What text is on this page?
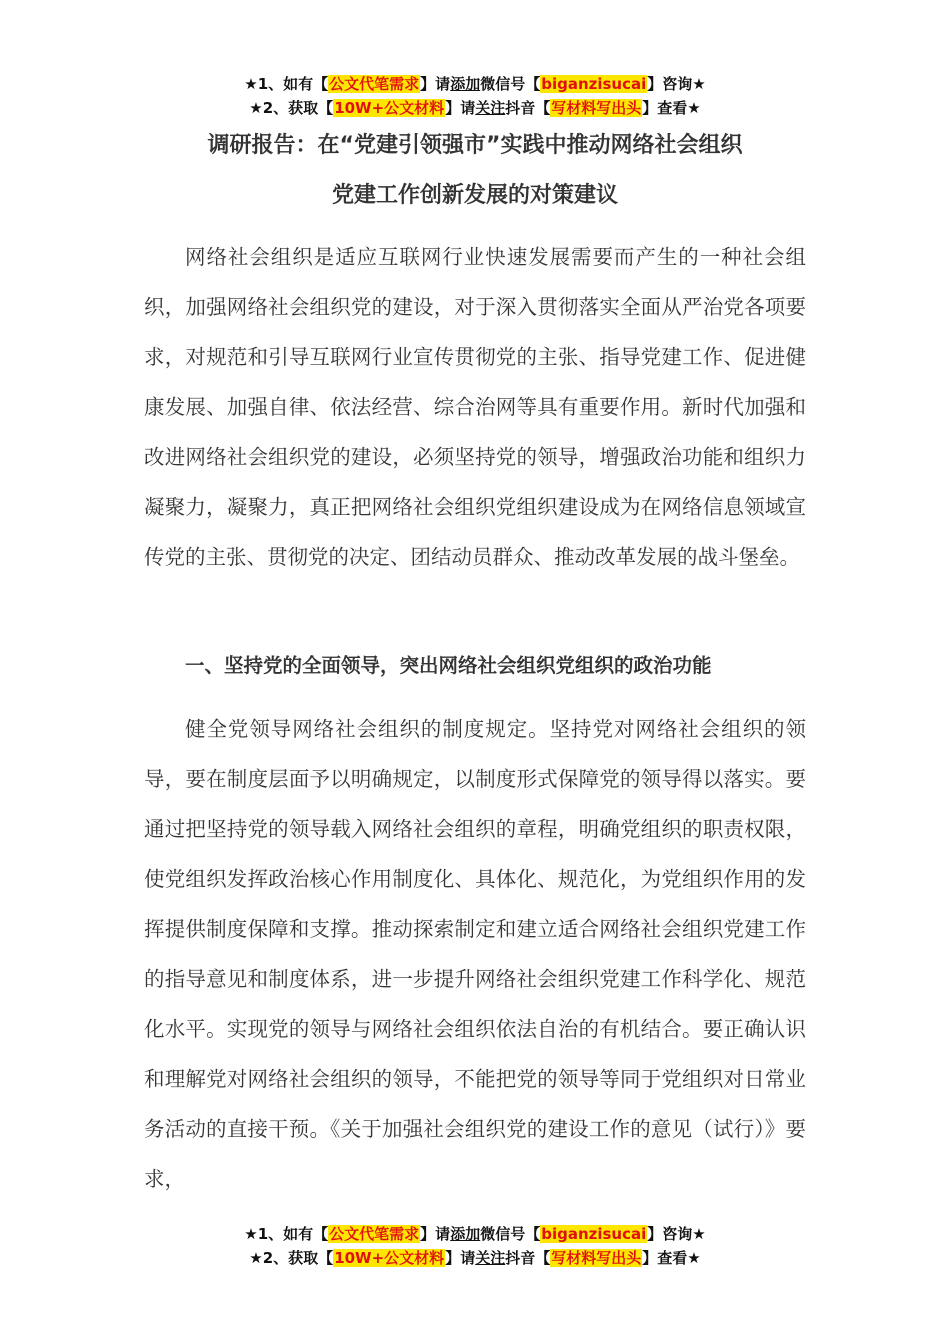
★1、如有【公文代笔需求】请添加微信号【biganzisucai】咨询★
★2、获取【10W+公文材料】请关注抖音【写材料写出头】查看★
调研报告：在“党建引领强市”实践中推动网络社会组织
党建工作创新发展的对策建议

网络社会组织是适应互联网行业快速发展需要而产生的一种社会组织，加强网络社会组织党的建设，对于深入贯彻落实全面从严治党各项要求，对规范和引导互联网行业宣传贯彻党的主张、指导党建工作、促进健康发展、加强自律、依法经营、综合治网等具有重要作用。新时代加强和改进网络社会组织党的建设，必须坚持党的领导，增强政治功能和组织力凝聚力，凝聚力，真正把网络社会组织党组织建设成为在网络信息领域宣传党的主张、贯彻党的决定、团结动员群众、推动改革发展的战斗堡垒。

一、坚持党的全面领导，突出网络社会组织党组织的政治功能

健全党领导网络社会组织的制度规定。坚持党对网络社会组织的领导，要在制度层面予以明确规定，以制度形式保障党的领导得以落实。要通过把坚持党的领导载入网络社会组织的章程，明确党组织的职责权限，使党组织发挥政治核心作用制度化、具体化、规范化，为党组织作用的发挥提供制度保障和支撑。推动探索制定和建立适合网络社会组织党建工作的指导意见和制度体系，进一步提升网络社会组织党建工作科学化、规范化水平。实现党的领导与网络社会组织依法自治的有机结合。要正确认识和理解党对网络社会组织的领导，不能把党的领导等同于党组织对日常业务活动的直接干预。《关于加强社会组织党的建设工作的意见（试行）》要求，

★1、如有【公文代笔需求】请添加微信号【biganzisucai】咨询★
★2、获取【10W+公文材料】请关注抖音【写材料写出头】查看★
